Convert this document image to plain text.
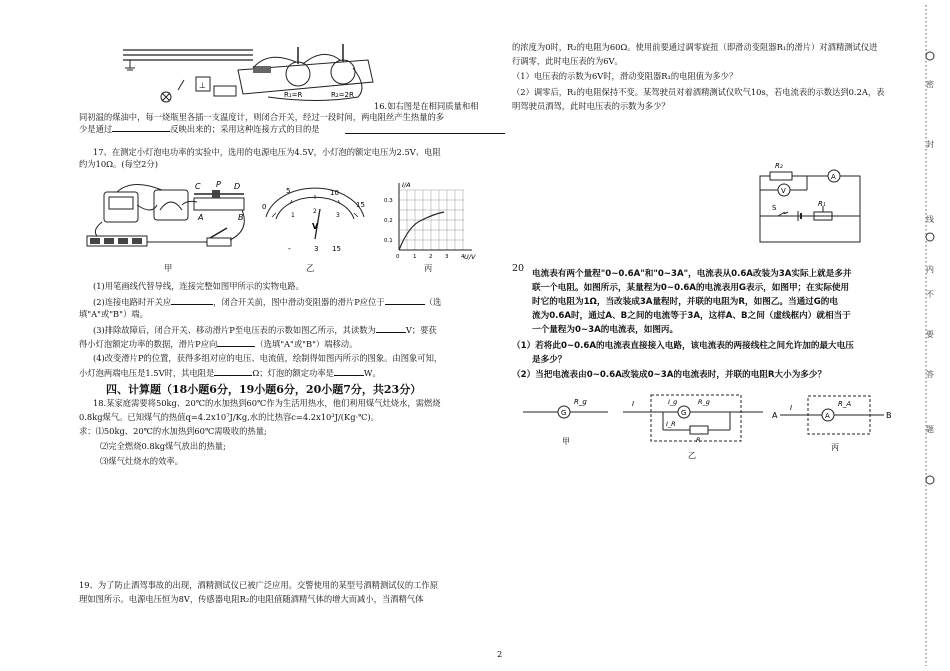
密
封
线
内
不
要
答
题
⊥
R₁=R	R₂=2R
16.如右图是在相同质量和相
同初温的煤油中，每一烧瓶里各插一支温度计，则闭合开关，经过一段时间，两电阻丝产生热量的多
少是通过	反映出来的；采用这种连接方式的目的是
17、在测定小灯泡电功率的实验中，选用的电源电压为4.5V，小灯泡的额定电压为2.5V、电阻
约为10Ω。(每空2分)
C P D
A	B
甲
0
5	10
15
1
2
3
V
-	3 15
乙
I/A
U/V
0.3
0.2
0.1
0 1 2 3 4
丙
(1)用笔画线代替导线，连接完整如图甲所示的实物电路。
(2)连接电路时开关应	，闭合开关前，图中滑动变阻器的滑片P应位于	（选
填"A"或"B"）端。
(3)排除故障后，闭合开关、移动滑片P至电压表的示数如图乙所示，其读数为	V；要获
得小灯泡额定功率的数据，滑片P应向	（选填"A"或"B"）端移动。
(4)改变滑片P的位置，获得多组对应的电压、电流值，绘制得如图丙所示的图象。由图象可知，
小灯泡两端电压是1.5V时，其电阻是	Ω；灯泡的额定功率是	W。
四、计算题（18小题6分，19小题6分，20小题7分，共23分）
18.某家庭需要将50kg、20℃的水加热到60℃作为生活用热水，他们利用煤气灶烧水，需燃烧
0.8kg煤气。已知煤气的热值q=4.2x10⁷J/Kg,水的比热容c=4.2x10³J/(Kg·℃)。
求：⑴50kg、20℃的水加热到60℃需吸收的热量;
⑵完全燃烧0.8kg煤气放出的热量;
⑶煤气灶烧水的效率。
19、为了防止酒驾事故的出现，酒精测试仪已被广泛应用。交警使用的某型号酒精测试仪的工作原
理如图所示。电源电压恒为8V，传感器电阻R₂的电阻值随酒精气体的增大而减小，当酒精气体
的浓度为0时，R₂的电阻为60Ω。使用前要通过调零旋扭（即滑动变阻器R₁的滑片）对酒精测试仪进
行调零，此时电压表的为6V。
（1）电压表的示数为6V时，滑动变阻器R₁的电阻值为多少？
（2）调零后，R₁的电阻保持不变。某驾驶员对着酒精测试仪吹气10s，若电流表的示数达到0.2A，表
明驾驶员酒驾，此时电压表的示数为多少？
R₂
V
A
S	R₁
20 电流表有两个量程"0~0.6A"和"0~3A"，电流表从0.6A改装为3A实际上就是多并
联一个电阻。如图所示，某量程为0~0.6A的电流表用G表示，如图甲；在实际使用
时它的电阻为1Ω，当改装成3A量程时，并联的电阻为R，如图乙。当通过G的电
流为0.6A时，通过A、B之间的电流等于3A，这样A、B之间（虚线框内）就相当于
一个量程为0~3A的电流表，如图丙。
（1）若将此0~0.6A的电流表直接接入电路，该电流表的两接线柱之间允许加的最大电压
是多少？
（2）当把电流表由0~0.6A改装成0~3A的电流表时，并联的电阻R大小为多少？
G
R_g
甲
I
G
I_g	R_g
I_R
R
乙
A
I
A
R_A
B
丙
2
